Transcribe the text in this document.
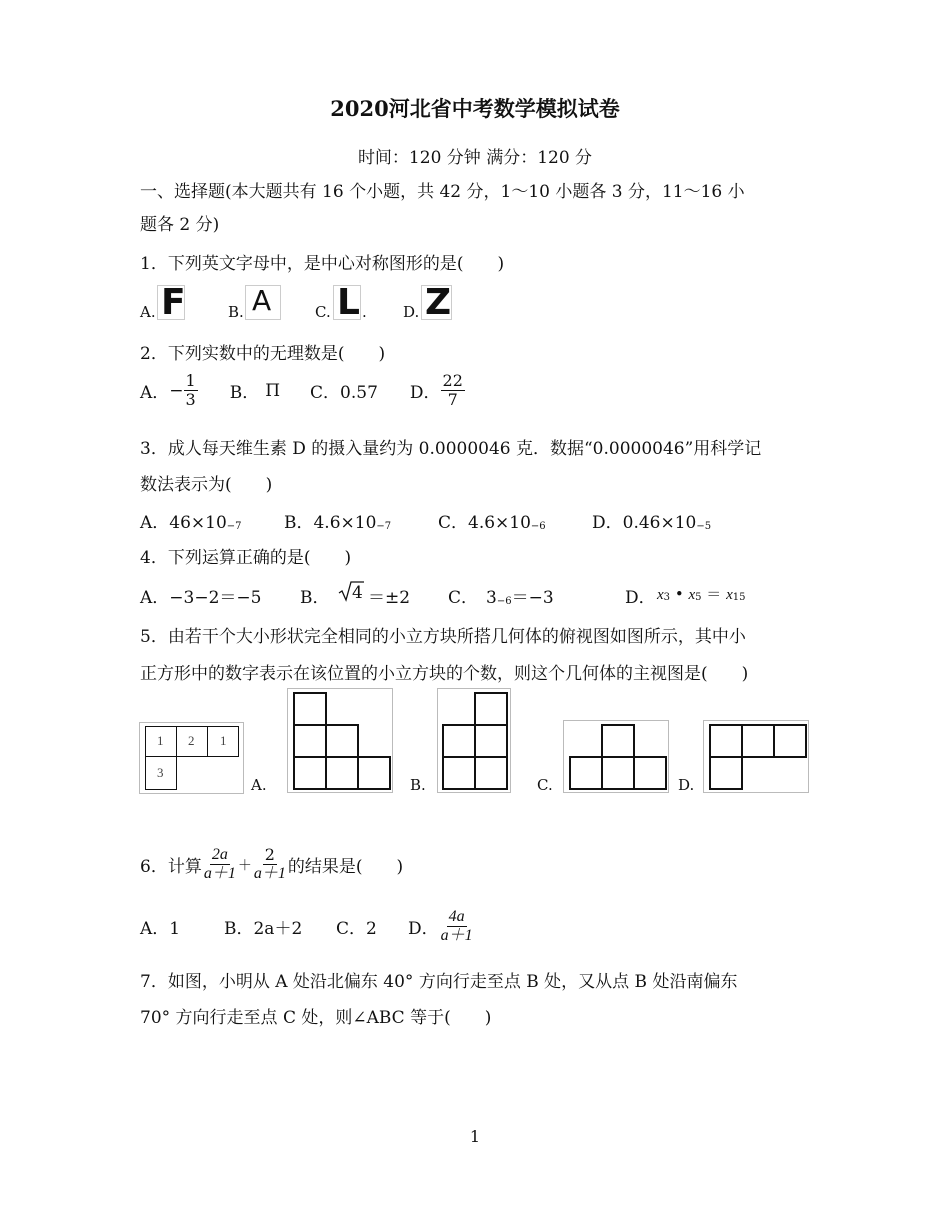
2020河北省中考数学模拟试卷
时间：120 分钟 满分：120 分
一、选择题(本大题共有 16 个小题，共 42 分，1～10 小题各 3 分，11～16 小
题各 2 分)
1．下列英文字母中，是中心对称图形的是(　　)
A. F	B. A	C. L . D. Z
2．下列实数中的无理数是(　　)
A． − $\frac{1}{3}$ B． Π C．0.57 D． $\frac{22}{7}$
3．成人每天维生素 D 的摄入量约为 0.0000046 克．数据“0.0000046”用科学记
数法表示为(　　)
A．46×10−7 B．4.6×10−7	C．4.6×10−6	D．0.46×10−5
4．下列运算正确的是(　　)
A．−3−2＝−5 B． 4 ＝±2 C． 3−6＝−3	D． x3 • x5 ＝ x15
5．由若干个大小形状完全相同的小立方块所搭几何体的俯视图如图所示，其中小
正方形中的数字表示在该位置的小立方块的个数，则这个几何体的主视图是(　　)
1 2 1
3
A.	B.	C.	D.
6．计算 $\frac{2a}{a+1} + \frac{2}{a+1}$ 的结果是(　　)
A．1	B．2a＋2	C．2	D． $\frac{4a}{a+1}$
7．如图，小明从 A 处沿北偏东 40° 方向行走至点 B 处，又从点 B 处沿南偏东
70° 方向行走至点 C 处，则∠ABC 等于(　　)
1
